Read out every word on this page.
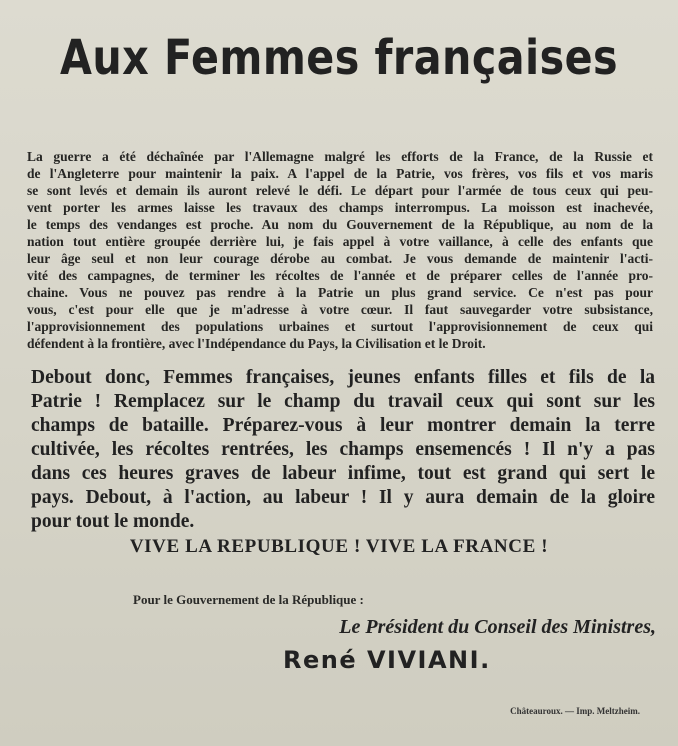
Aux Femmes françaises
La guerre a été déchaînée par l'Allemagne malgré les efforts de la France, de la Russie et
de l'Angleterre pour maintenir la paix. A l'appel de la Patrie, vos frères, vos fils et vos maris
se sont levés et demain ils auront relevé le défi. Le départ pour l'armée de tous ceux qui peu-
vent porter les armes laisse les travaux des champs interrompus. La moisson est inachevée,
le temps des vendanges est proche. Au nom du Gouvernement de la République, au nom de la
nation tout entière groupée derrière lui, je fais appel à votre vaillance, à celle des enfants que
leur âge seul et non leur courage dérobe au combat. Je vous demande de maintenir l'acti-
vité des campagnes, de terminer les récoltes de l'année et de préparer celles de l'année pro-
chaine. Vous ne pouvez pas rendre à la Patrie un plus grand service. Ce n'est pas pour
vous, c'est pour elle que je m'adresse à votre cœur. Il faut sauvegarder votre subsistance,
l'approvisionnement des populations urbaines et surtout l'approvisionnement de ceux qui
défendent à la frontière, avec l'Indépendance du Pays, la Civilisation et le Droit.
Debout donc, Femmes françaises, jeunes enfants filles et fils de la
Patrie ! Remplacez sur le champ du travail ceux qui sont sur les
champs de bataille. Préparez-vous à leur montrer demain la terre
cultivée, les récoltes rentrées, les champs ensemencés ! Il n'y a pas
dans ces heures graves de labeur infime, tout est grand qui sert le
pays. Debout, à l'action, au labeur ! Il y aura demain de la gloire
pour tout le monde.
VIVE LA REPUBLIQUE ! VIVE LA FRANCE !
Pour le Gouvernement de la République :
Le Président du Conseil des Ministres,
René VIVIANI.
Châteauroux. — Imp. Meltzheim.
